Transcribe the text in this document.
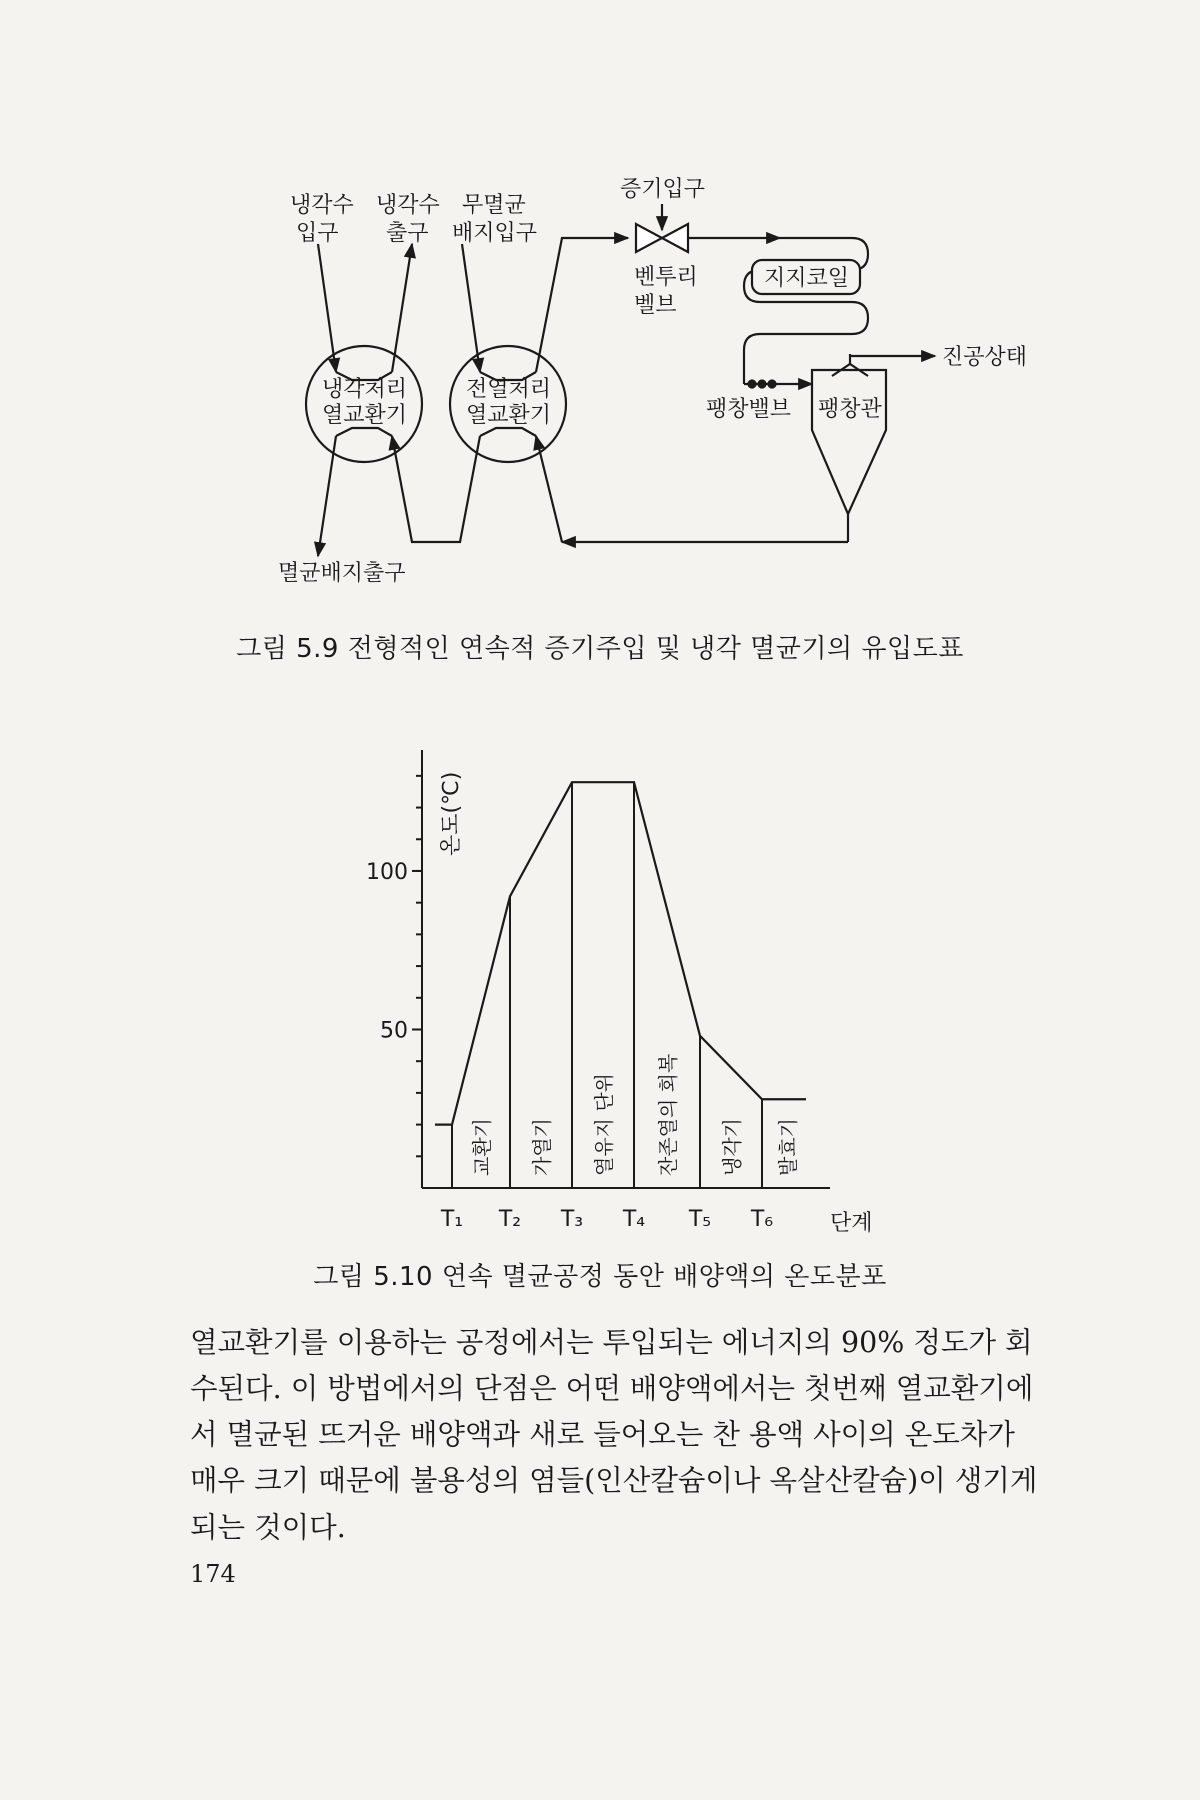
냉각수
입구
냉각수
출구
무멸균
배지입구
증기입구
벤투리
벨브
지지코일
진공상태
냉각처리
열교환기
전열처리
열교환기	팽창밸브 팽창관
멸균배지출구
그림 5.9 전형적인 연속적 증기주입 및 냉각 멸균기의 유입도표
50
100
T₁ T₂ T₃ T₄ T₅ T₆
교환기 가열기 열유지 단위 잔존열의 회복 냉각기 발효기
온도(℃)
단계
그림 5.10 연속 멸균공정 동안 배양액의 온도분포

열교환기를 이용하는 공정에서는 투입되는 에너지의 90% 정도가 회수된다. 이 방법에서의 단점은 어떤 배양액에서는 첫번째 열교환기에서 멸균된 뜨거운 배양액과 새로 들어오는 찬 용액 사이의 온도차가 매우 크기 때문에 불용성의 염들(인산칼슘이나 옥살산칼슘)이 생기게 되는 것이다.

174
